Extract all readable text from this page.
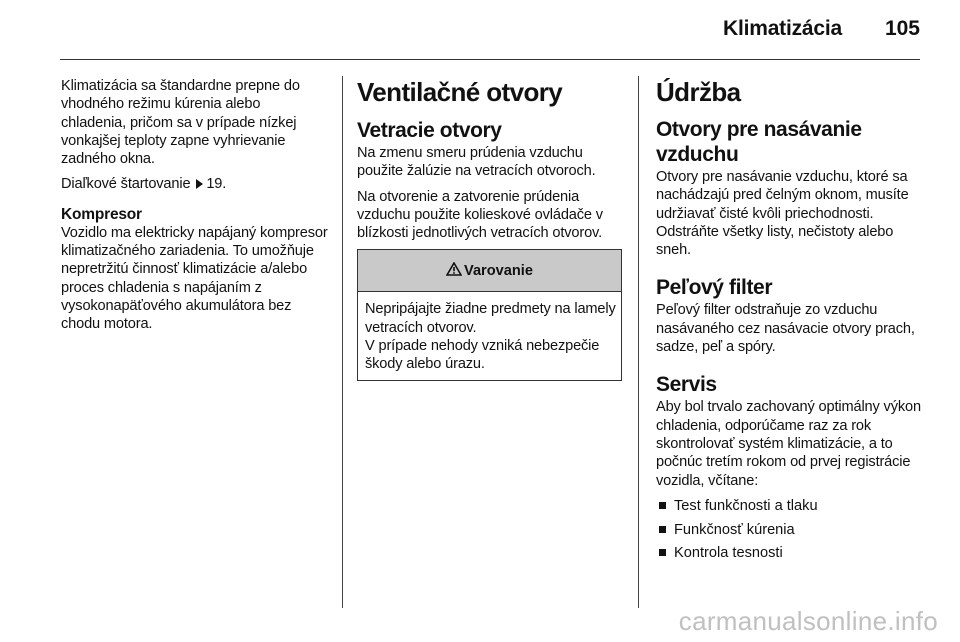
Klimatizácia 105

Klimatizácia sa štandardne prepne do vhodného režimu kúrenia alebo chladenia, pričom sa v prípade nízkej vonkajšej teploty zapne vyhrievanie zadného okna.

Diaľkové štartovanie 19.

Kompresor

Vozidlo ma elektricky napájaný kompresor klimatizačného zariadenia. To umožňuje nepretržitú činnosť klimatizácie a/alebo proces chladenia s napájaním z vysokonapäťového akumulátora bez chodu motora.

Ventilačné otvory
Vetracie otvory

Na zmenu smeru prúdenia vzduchu použite žalúzie na vetracích otvoroch.

Na otvorenie a zatvorenie prúdenia vzduchu použite kolieskové ovládače v blízkosti jednotlivých vetracích otvorov.

Varovanie

Nepripájajte žiadne predmety na lamely vetracích otvorov.

V prípade nehody vzniká nebezpečie škody alebo úrazu.

Údržba
Otvory pre nasávanie vzduchu

Otvory pre nasávanie vzduchu, ktoré sa nachádzajú pred čelným oknom, musíte udržiavať čisté kvôli priechodnosti. Odstráňte všetky listy, nečistoty alebo sneh.

Peľový filter

Peľový filter odstraňuje zo vzduchu nasávaného cez nasávacie otvory prach, sadze, peľ a spóry.

Servis

Aby bol trvalo zachovaný optimálny výkon chladenia, odporúčame raz za rok skontrolovať systém klimatizácie, a to počnúc tretím rokom od prvej registrácie vozidla, včítane:

Test funkčnosti a tlaku
Funkčnosť kúrenia
Kontrola tesnosti
carmanualsonline.info
